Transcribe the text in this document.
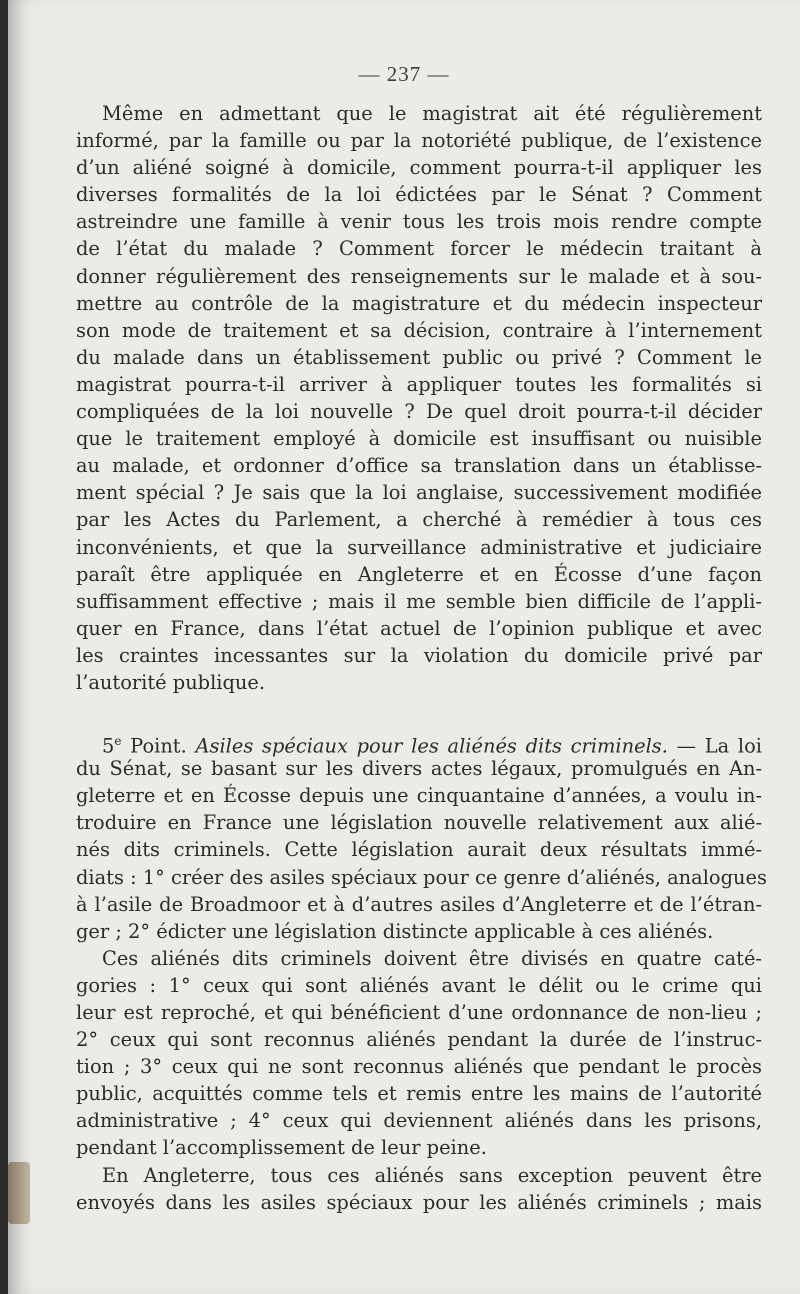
— 237 —
Même en admettant que le magistrat ait été régulièrement
informé, par la famille ou par la notoriété publique, de l’existence
d’un aliéné soigné à domicile, comment pourra-t-il appliquer les
diverses formalités de la loi édictées par le Sénat ? Comment
astreindre une famille à venir tous les trois mois rendre compte
de l’état du malade ? Comment forcer le médecin traitant à
donner régulièrement des renseignements sur le malade et à sou-
mettre au contrôle de la magistrature et du médecin inspecteur
son mode de traitement et sa décision, contraire à l’internement
du malade dans un établissement public ou privé ? Comment le
magistrat pourra-t-il arriver à appliquer toutes les formalités si
compliquées de la loi nouvelle ? De quel droit pourra-t-il décider
que le traitement employé à domicile est insuffisant ou nuisible
au malade, et ordonner d’office sa translation dans un établisse-
ment spécial ? Je sais que la loi anglaise, successivement modifiée
par les Actes du Parlement, a cherché à remédier à tous ces
inconvénients, et que la surveillance administrative et judiciaire
paraît être appliquée en Angleterre et en Écosse d’une façon
suffisamment effective ; mais il me semble bien difficile de l’appli-
quer en France, dans l’état actuel de l’opinion publique et avec
les craintes incessantes sur la violation du domicile privé par
l’autorité publique.
5e Point. Asiles spéciaux pour les aliénés dits criminels. — La loi
du Sénat, se basant sur les divers actes légaux, promulgués en An-
gleterre et en Écosse depuis une cinquantaine d’années, a voulu in-
troduire en France une législation nouvelle relativement aux alié-
nés dits criminels. Cette législation aurait deux résultats immé-
diats : 1° créer des asiles spéciaux pour ce genre d’aliénés, analogues
à l’asile de Broadmoor et à d’autres asiles d’Angleterre et de l’étran-
ger ; 2° édicter une législation distincte applicable à ces aliénés.
Ces aliénés dits criminels doivent être divisés en quatre caté-
gories : 1° ceux qui sont aliénés avant le délit ou le crime qui
leur est reproché, et qui bénéficient d’une ordonnance de non-lieu ;
2° ceux qui sont reconnus aliénés pendant la durée de l’instruc-
tion ; 3° ceux qui ne sont reconnus aliénés que pendant le procès
public, acquittés comme tels et remis entre les mains de l’autorité
administrative ; 4° ceux qui deviennent aliénés dans les prisons,
pendant l’accomplissement de leur peine.
En Angleterre, tous ces aliénés sans exception peuvent être
envoyés dans les asiles spéciaux pour les aliénés criminels ; mais
